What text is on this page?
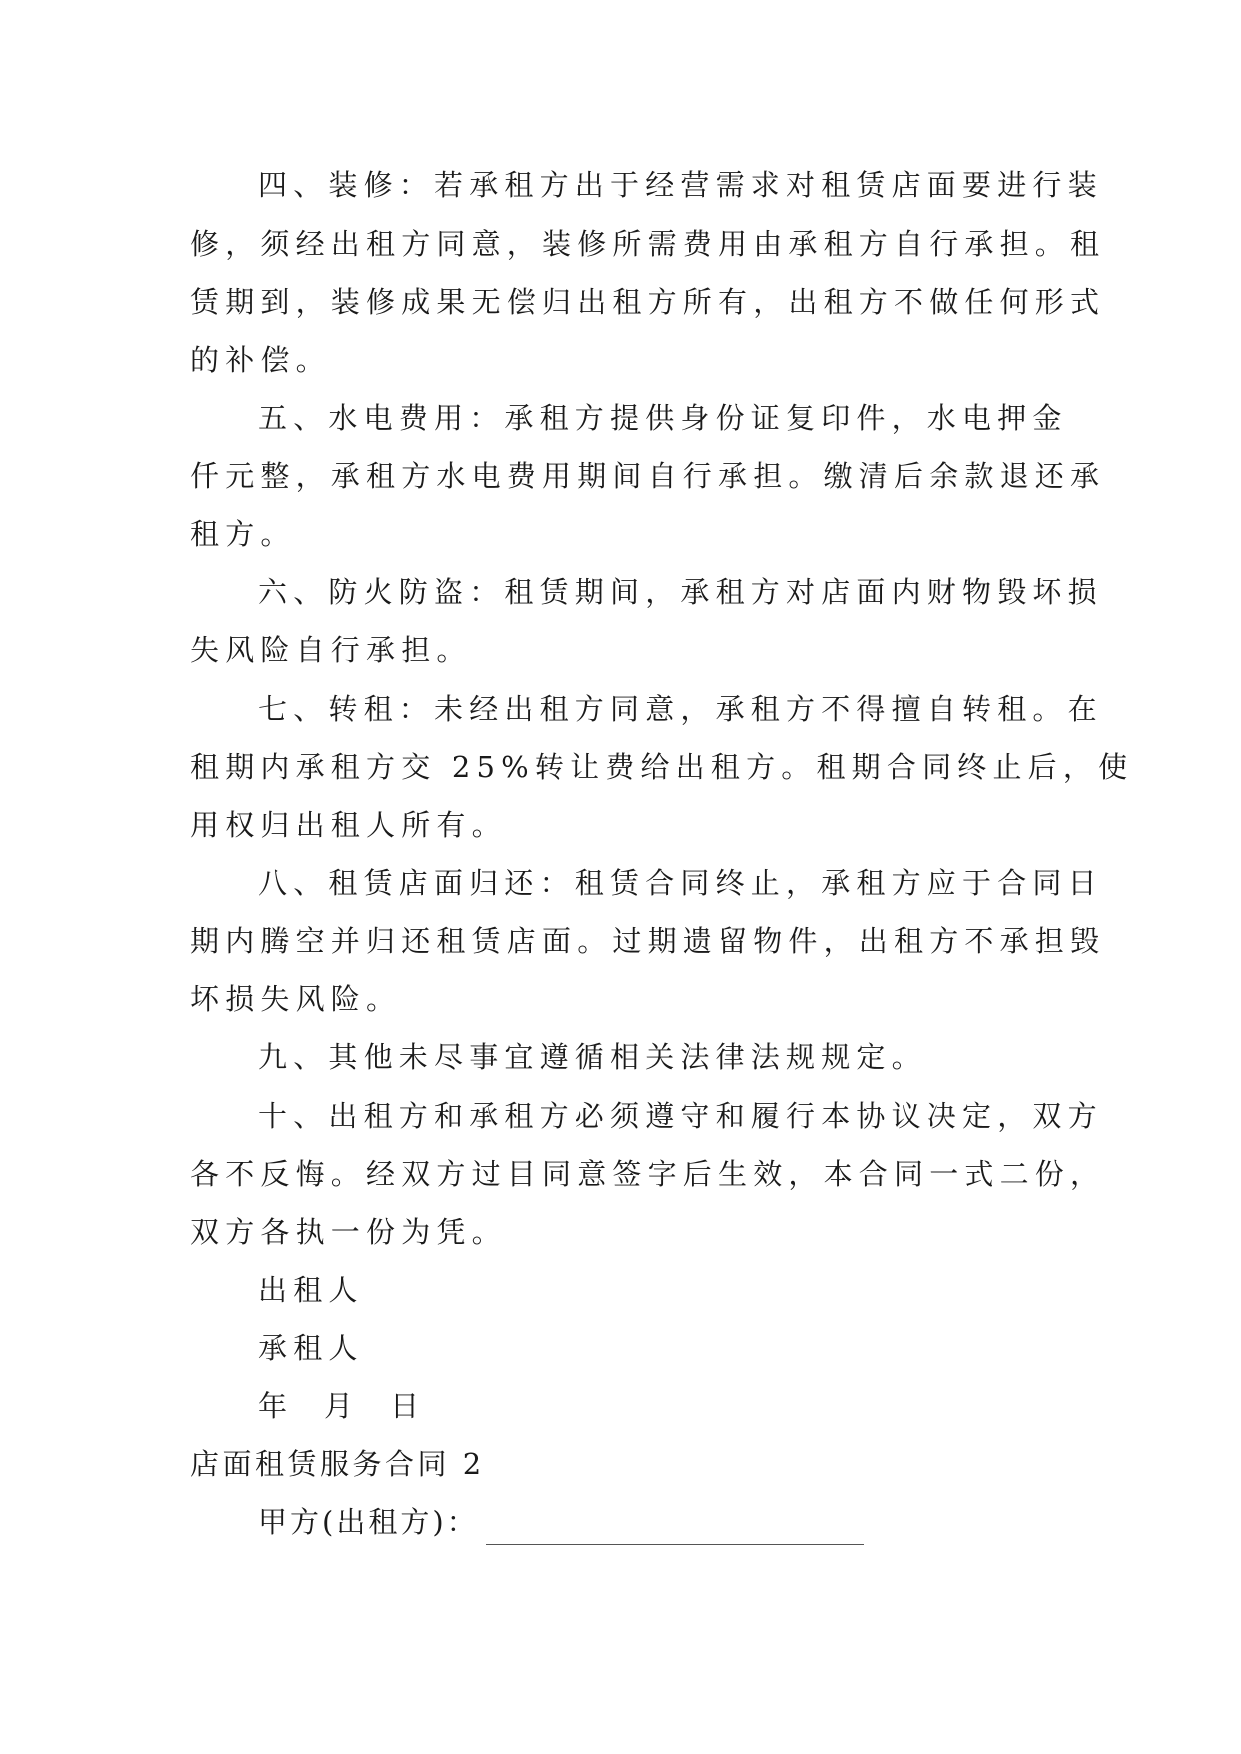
四、装修：若承租方出于经营需求对租赁店面要进行装
修，须经出租方同意，装修所需费用由承租方自行承担。租
赁期到，装修成果无偿归出租方所有，出租方不做任何形式
的补偿。
五、水电费用：承租方提供身份证复印件，水电押金
仟元整，承租方水电费用期间自行承担。缴清后余款退还承
租方。
六、防火防盗：租赁期间，承租方对店面内财物毁坏损
失风险自行承担。
七、转租：未经出租方同意，承租方不得擅自转租。在
租期内承租方交 25%转让费给出租方。租期合同终止后，使
用权归出租人所有。
八、租赁店面归还：租赁合同终止，承租方应于合同日
期内腾空并归还租赁店面。过期遗留物件，出租方不承担毁
坏损失风险。
九、其他未尽事宜遵循相关法律法规规定。
十、出租方和承租方必须遵守和履行本协议决定，双方
各不反悔。经双方过目同意签字后生效，本合同一式二份，
双方各执一份为凭。
出租人
承租人
年  月  日
店面租赁服务合同 2
甲方(出租方)：
